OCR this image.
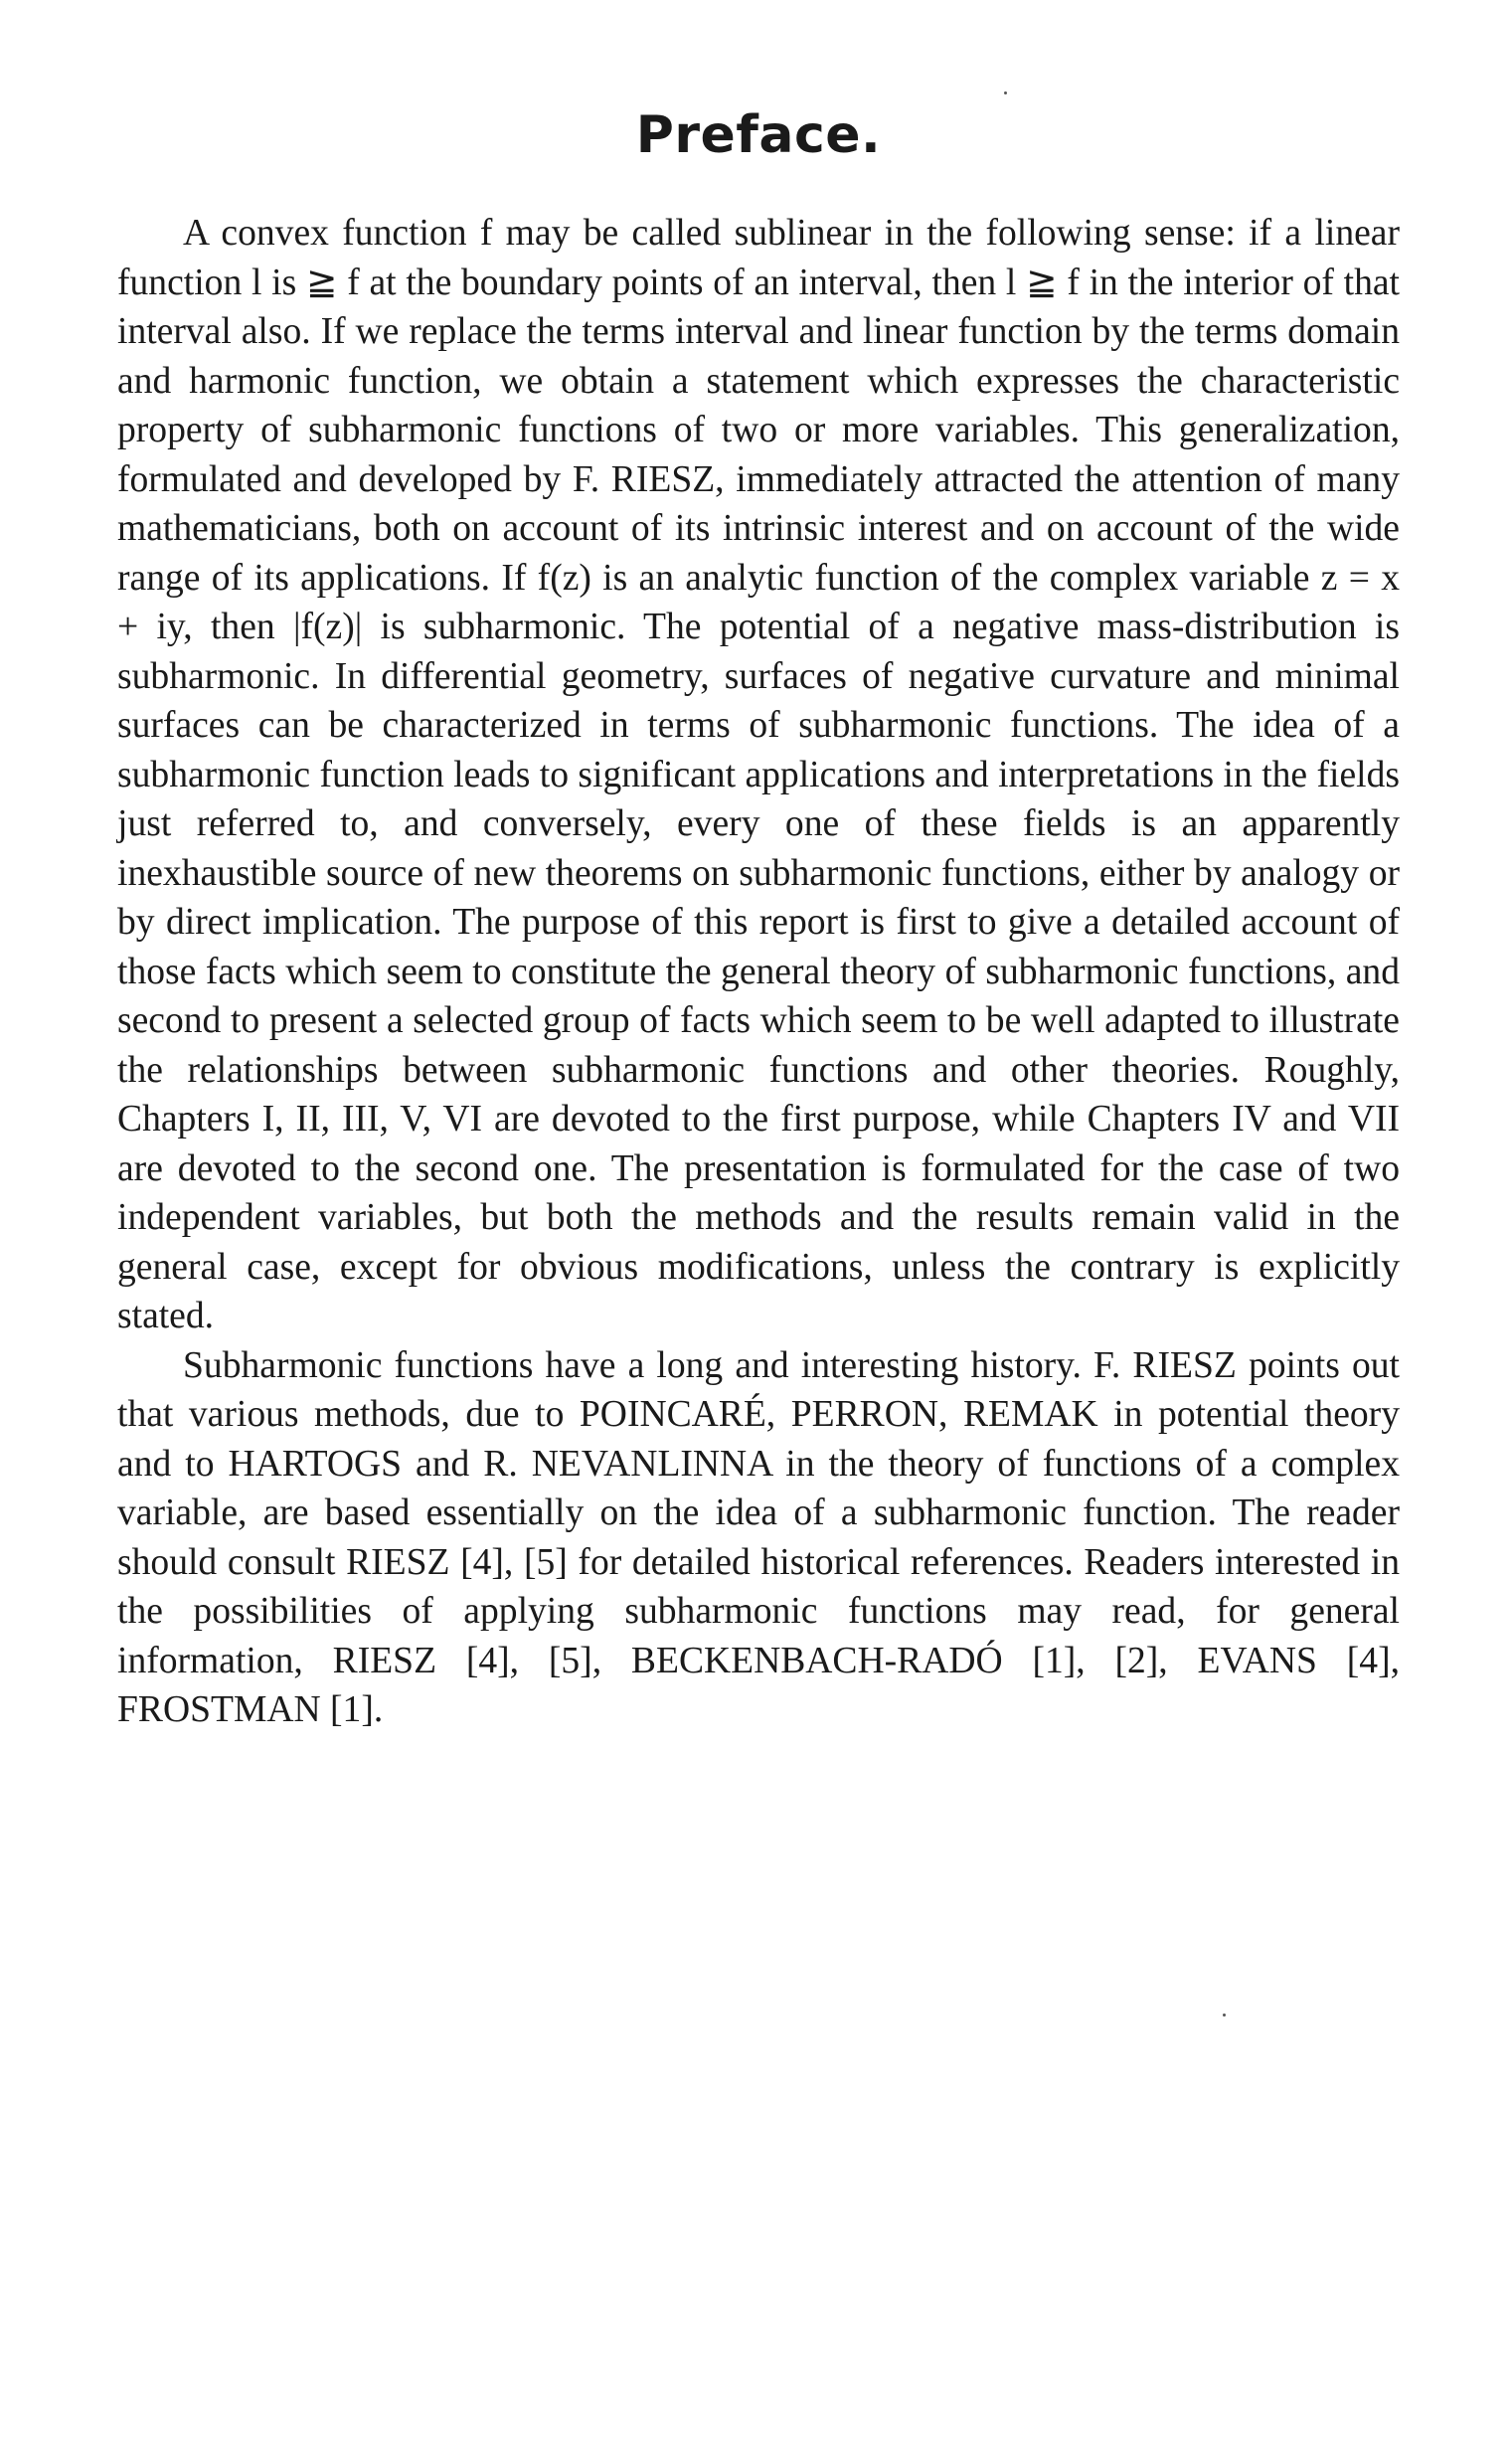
Preface.

A convex function f may be called sublinear in the following sense: if a linear function l is ≧ f at the boundary points of an interval, then l ≧ f in the interior of that interval also. If we replace the terms interval and linear function by the terms domain and harmonic function, we obtain a statement which expresses the characteristic property of subharmonic functions of two or more variables. This generalization, formulated and developed by F. RIESZ, immediately attracted the attention of many mathematicians, both on account of its intrinsic interest and on account of the wide range of its applications. If f(z) is an analytic function of the complex variable z = x + iy, then |f(z)| is subharmonic. The potential of a negative mass-distribution is subharmonic. In differential geometry, surfaces of negative curvature and minimal surfaces can be characterized in terms of subharmonic functions. The idea of a subharmonic function leads to significant applications and interpretations in the fields just referred to, and conversely, every one of these fields is an apparently inexhaustible source of new theorems on subharmonic functions, either by analogy or by direct implication. The purpose of this report is first to give a detailed account of those facts which seem to constitute the general theory of subharmonic functions, and second to present a selected group of facts which seem to be well adapted to illustrate the relationships between subharmonic functions and other theories. Roughly, Chapters I, II, III, V, VI are devoted to the first purpose, while Chapters IV and VII are devoted to the second one. The presentation is formulated for the case of two independent variables, but both the methods and the results remain valid in the general case, except for obvious modifications, unless the contrary is explicitly stated.

Subharmonic functions have a long and interesting history. F. RIESZ points out that various methods, due to POINCARÉ, PERRON, REMAK in potential theory and to HARTOGS and R. NEVANLINNA in the theory of functions of a complex variable, are based essentially on the idea of a subharmonic function. The reader should consult RIESZ [4], [5] for detailed historical references. Readers interested in the possibilities of applying subharmonic functions may read, for general information, RIESZ [4], [5], BECKENBACH-RADÓ [1], [2], EVANS [4], FROSTMAN [1].
